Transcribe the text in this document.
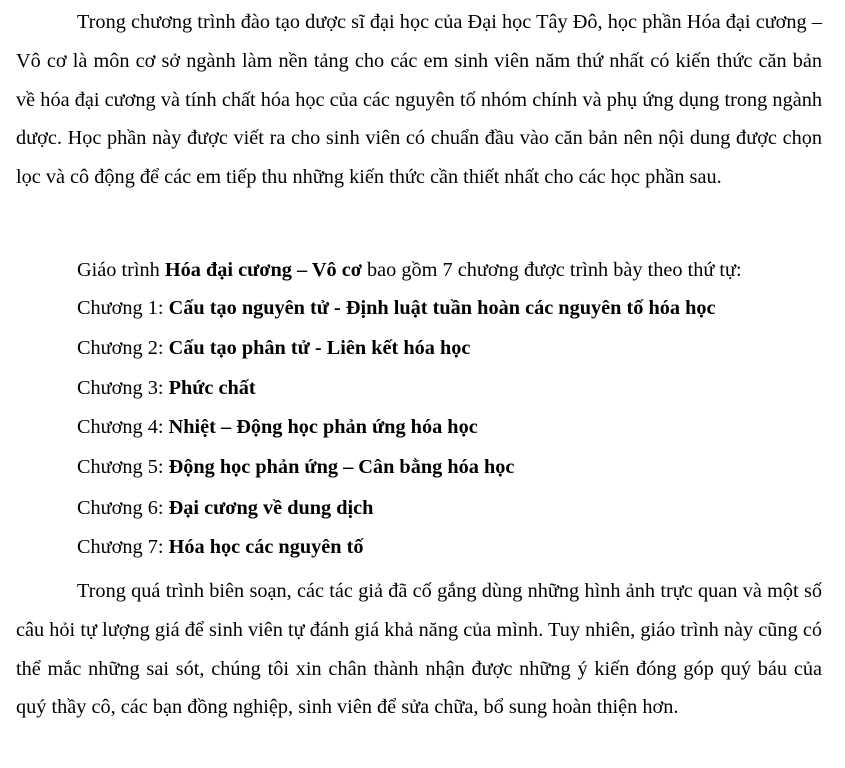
Trong chương trình đào tạo dược sĩ đại học của Đại học Tây Đô, học phần Hóa đại cương – Vô cơ là môn cơ sở ngành làm nền tảng cho các em sinh viên năm thứ nhất có kiến thức căn bản về hóa đại cương và tính chất hóa học của các nguyên tố nhóm chính và phụ ứng dụng trong ngành dược. Học phần này được viết ra cho sinh viên có chuẩn đầu vào căn bản nên nội dung được chọn lọc và cô động để các em tiếp thu những kiến thức cần thiết nhất cho các học phần sau.

Giáo trình Hóa đại cương – Vô cơ bao gồm 7 chương được trình bày theo thứ tự:
Chương 1: Cấu tạo nguyên tử - Định luật tuần hoàn các nguyên tố hóa học
Chương 2: Cấu tạo phân tử - Liên kết hóa học
Chương 3: Phức chất
Chương 4: Nhiệt – Động học phản ứng hóa học
Chương 5: Động học phản ứng – Cân bằng hóa học
Chương 6: Đại cương về dung dịch
Chương 7: Hóa học các nguyên tố

Trong quá trình biên soạn, các tác giả đã cố gắng dùng những hình ảnh trực quan và một số câu hỏi tự lượng giá để sinh viên tự đánh giá khả năng của mình. Tuy nhiên, giáo trình này cũng có thể mắc những sai sót, chúng tôi xin chân thành nhận được những ý kiến đóng góp quý báu của quý thầy cô, các bạn đồng nghiệp, sinh viên để sửa chữa, bổ sung hoàn thiện hơn.
